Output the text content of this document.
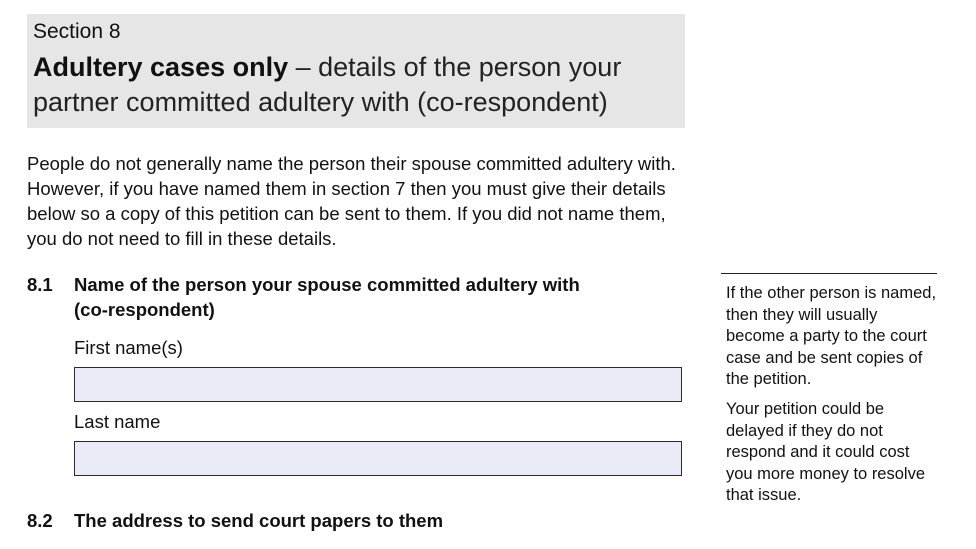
Section 8
Adultery cases only – details of the person your partner committed adultery with (co-respondent)

People do not generally name the person their spouse committed adultery with. However, if you have named them in section 7 then you must give their details below so a copy of this petition can be sent to them. If you did not name them, you do not need to fill in these details.

8.1 Name of the person your spouse committed adultery with
(co-respondent)
First name(s)
Last name
8.2 The address to send court papers to them

If the other person is named, then they will usually become a party to the court case and be sent copies of the petition.

Your petition could be delayed if they do not respond and it could cost you more money to resolve that issue.
